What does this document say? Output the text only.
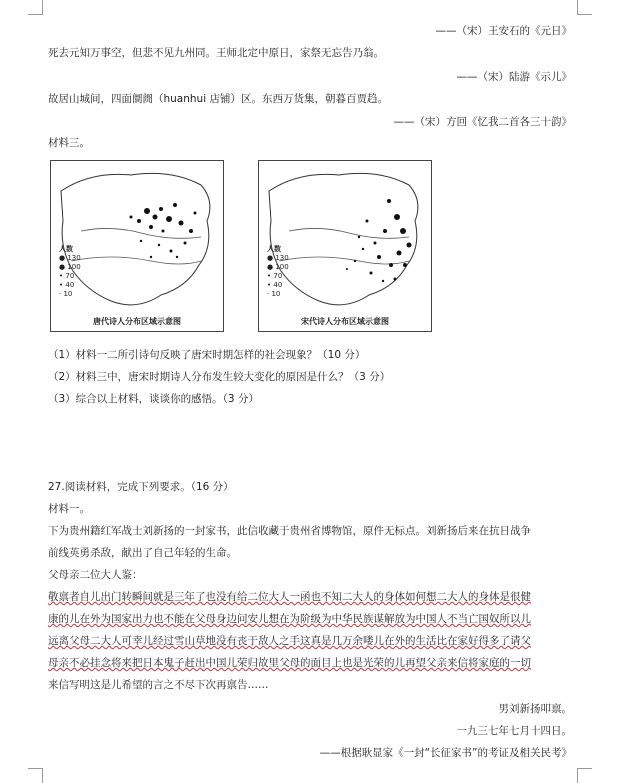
——（宋）王安石的《元日》
死去元知万事空，但悲不见九州同。王师北定中原日，家祭无忘告乃翁。
——（宋）陆游《示儿》
故居山城间，四面阛阓（huanhui 店铺）区。东西万货集，朝暮百贾趋。
——（宋）方回《忆我二首各三十韵》
材料三。
人数
● 130
● 100
• 70
• 40
· 10
唐代诗人分布区域示意图
人数
● 130
● 100
• 70
• 40
· 10
宋代诗人分布区域示意图
（1）材料一二所引诗句反映了唐宋时期怎样的社会现象？（10 分）
（2）材料三中，唐宋时期诗人分布发生较大变化的原因是什么？（3 分）
（3）综合以上材料，谈谈你的感悟。（3 分）
27.阅读材料，完成下列要求。（16 分）
材料一。
下为贵州籍红军战士刘新扬的一封家书，此信收藏于贵州省博物馆，原件无标点。刘新扬后来在抗日战争
前线英勇杀敌，献出了自己年轻的生命。
父母亲二位大人鉴：
敬禀者自儿出门转瞬间就是三年了也没有给二位大人一函也不知二大人的身体如何想二大人的身体是很健
康的儿在外为国家出力也不能在父母身边问安儿想在为阶级为中华民族谋解放为中国人不当亡国奴所以儿
远离父母二大人可幸儿经过雪山草地没有丧于敌人之手这真是几万余喽儿在外的生活比在家好得多了请父
母亲不必挂念将来把日本鬼子赶出中国儿荣归故里父母的面目上也是光荣的儿再望父亲来信将家庭的一切
来信写明这是儿希望的言之不尽下次再禀告……
男刘新扬叩禀。
一九三七年七月十四日。
——根据耿显家《一封“长征家书”的考证及相关民考》
